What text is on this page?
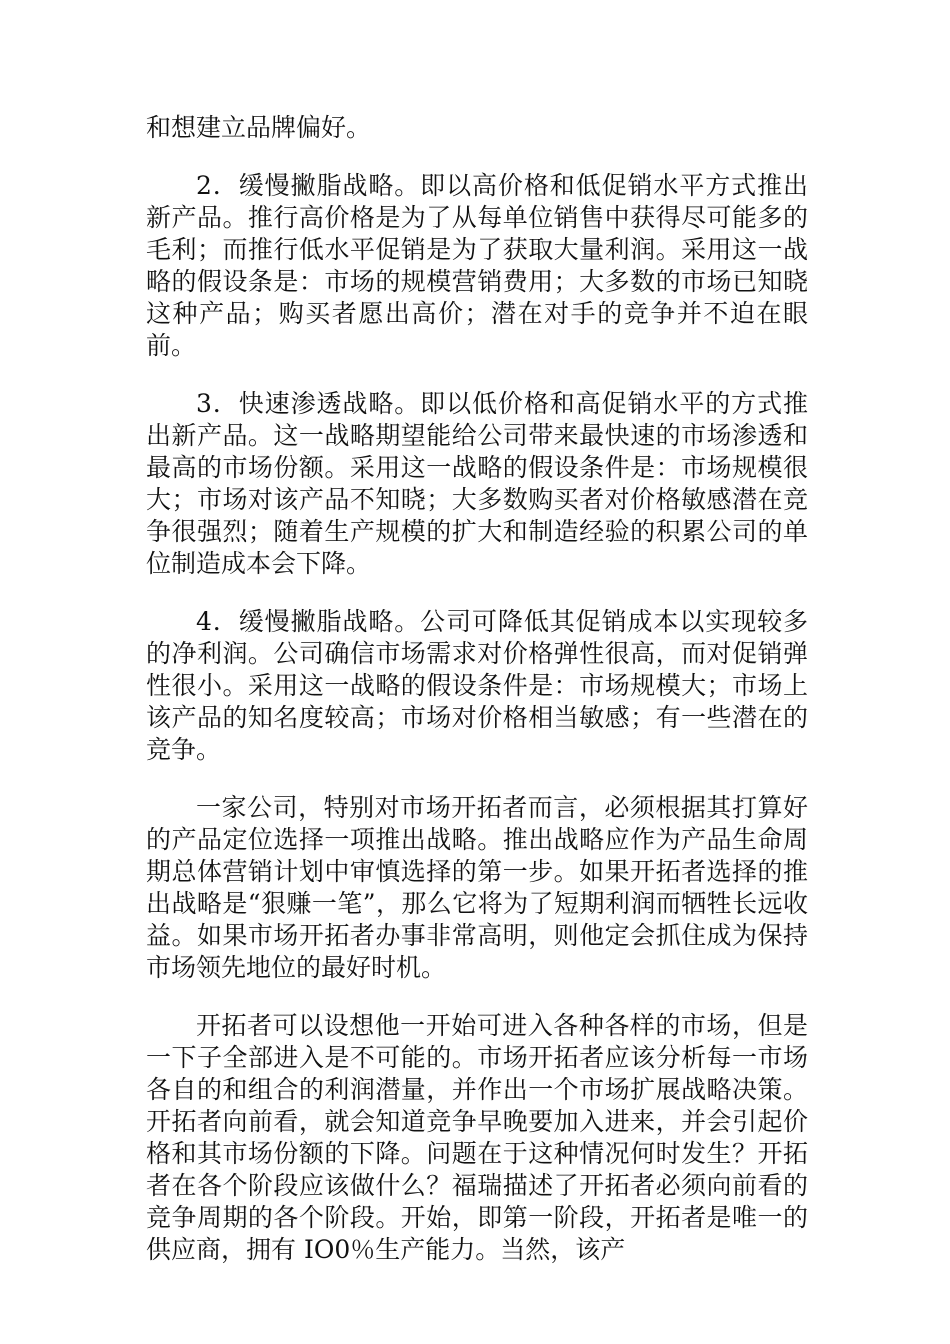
和想建立品牌偏好。

2．缓慢撇脂战略。即以高价格和低促销水平方式推出新产品。推行高价格是为了从每单位销售中获得尽可能多的毛利；而推行低水平促销是为了获取大量利润。采用这一战略的假设条是：市场的规模营销费用；大多数的市场已知晓这种产品；购买者愿出高价；潜在对手的竞争并不迫在眼前。

3．快速渗透战略。即以低价格和高促销水平的方式推出新产品。这一战略期望能给公司带来最快速的市场渗透和最高的市场份额。采用这一战略的假设条件是：市场规模很大；市场对该产品不知晓；大多数购买者对价格敏感潜在竞争很强烈；随着生产规模的扩大和制造经验的积累公司的单位制造成本会下降。

4．缓慢撇脂战略。公司可降低其促销成本以实现较多的净利润。公司确信市场需求对价格弹性很高，而对促销弹性很小。采用这一战略的假设条件是：市场规模大；市场上该产品的知名度较高；市场对价格相当敏感；有一些潜在的竞争。

一家公司，特别对市场开拓者而言，必须根据其打算好的产品定位选择一项推出战略。推出战略应作为产品生命周期总体营销计划中审慎选择的第一步。如果开拓者选择的推出战略是“狠赚一笔”，那么它将为了短期利润而牺牲长远收益。如果市场开拓者办事非常高明，则他定会抓住成为保持市场领先地位的最好时机。

开拓者可以设想他一开始可进入各种各样的市场，但是一下子全部进入是不可能的。市场开拓者应该分析每一市场各自的和组合的利润潜量，并作出一个市场扩展战略决策。开拓者向前看，就会知道竞争早晚要加入进来，并会引起价格和其市场份额的下降。问题在于这种情况何时发生？开拓者在各个阶段应该做什么？福瑞描述了开拓者必须向前看的竞争周期的各个阶段。开始，即第一阶段，开拓者是唯一的供应商，拥有 IO0％生产能力。当然，该产
